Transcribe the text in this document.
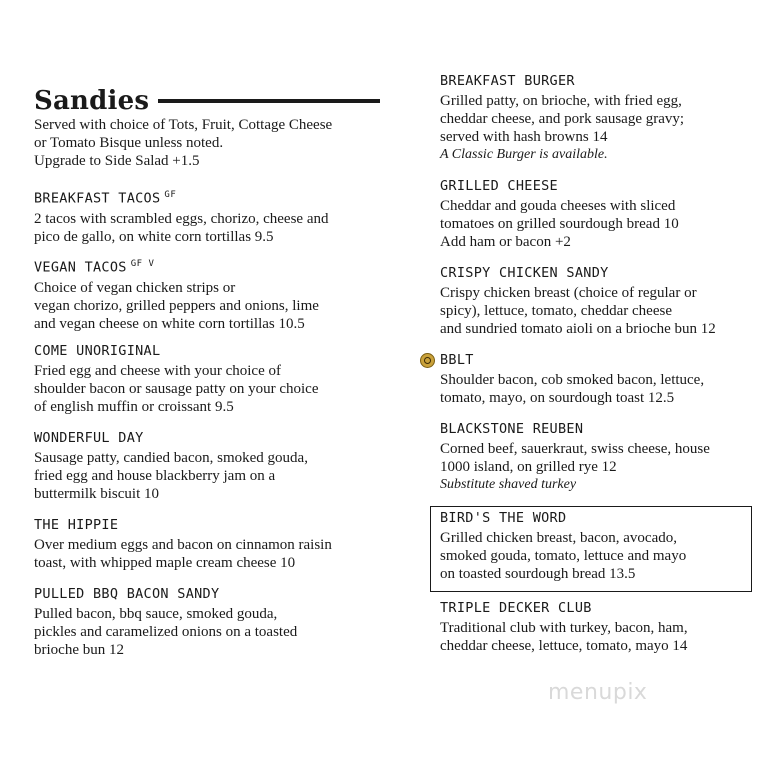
Sandies
Served with choice of Tots, Fruit, Cottage Cheese
or Tomato Bisque unless noted.
Upgrade to Side Salad +1.5
BREAKFAST TACOS $^{GF}$
2 tacos with scrambled eggs, chorizo, cheese and
pico de gallo, on white corn tortillas 9.5
VEGAN TACOS $^{GF V}$
Choice of vegan chicken strips or
vegan chorizo, grilled peppers and onions, lime
and vegan cheese on white corn tortillas 10.5
COME UNORIGINAL
Fried egg and cheese with your choice of
shoulder bacon or sausage patty on your choice
of english muffin or croissant 9.5
WONDERFUL DAY
Sausage patty, candied bacon, smoked gouda,
fried egg and house blackberry jam on a
buttermilk biscuit 10
THE HIPPIE
Over medium eggs and bacon on cinnamon raisin
toast, with whipped maple cream cheese 10
PULLED BBQ BACON SANDY
Pulled bacon, bbq sauce, smoked gouda,
pickles and caramelized onions on a toasted
brioche bun 12
BREAKFAST BURGER
Grilled patty, on brioche, with fried egg,
cheddar cheese, and pork sausage gravy;
served with hash browns 14
A Classic Burger is available.
GRILLED CHEESE
Cheddar and gouda cheeses with sliced
tomatoes on grilled sourdough bread 10
Add ham or bacon +2
CRISPY CHICKEN SANDY
Crispy chicken breast (choice of regular or
spicy), lettuce, tomato, cheddar cheese
and sundried tomato aioli on a brioche bun 12
BBLT
Shoulder bacon, cob smoked bacon, lettuce,
tomato, mayo, on sourdough toast 12.5
BLACKSTONE REUBEN
Corned beef, sauerkraut, swiss cheese, house
1000 island, on grilled rye 12
Substitute shaved turkey
BIRD'S THE WORD
Grilled chicken breast, bacon, avocado,
smoked gouda, tomato, lettuce and mayo
on toasted sourdough bread 13.5
TRIPLE DECKER CLUB
Traditional club with turkey, bacon, ham,
cheddar cheese, lettuce, tomato, mayo 14
menupix
